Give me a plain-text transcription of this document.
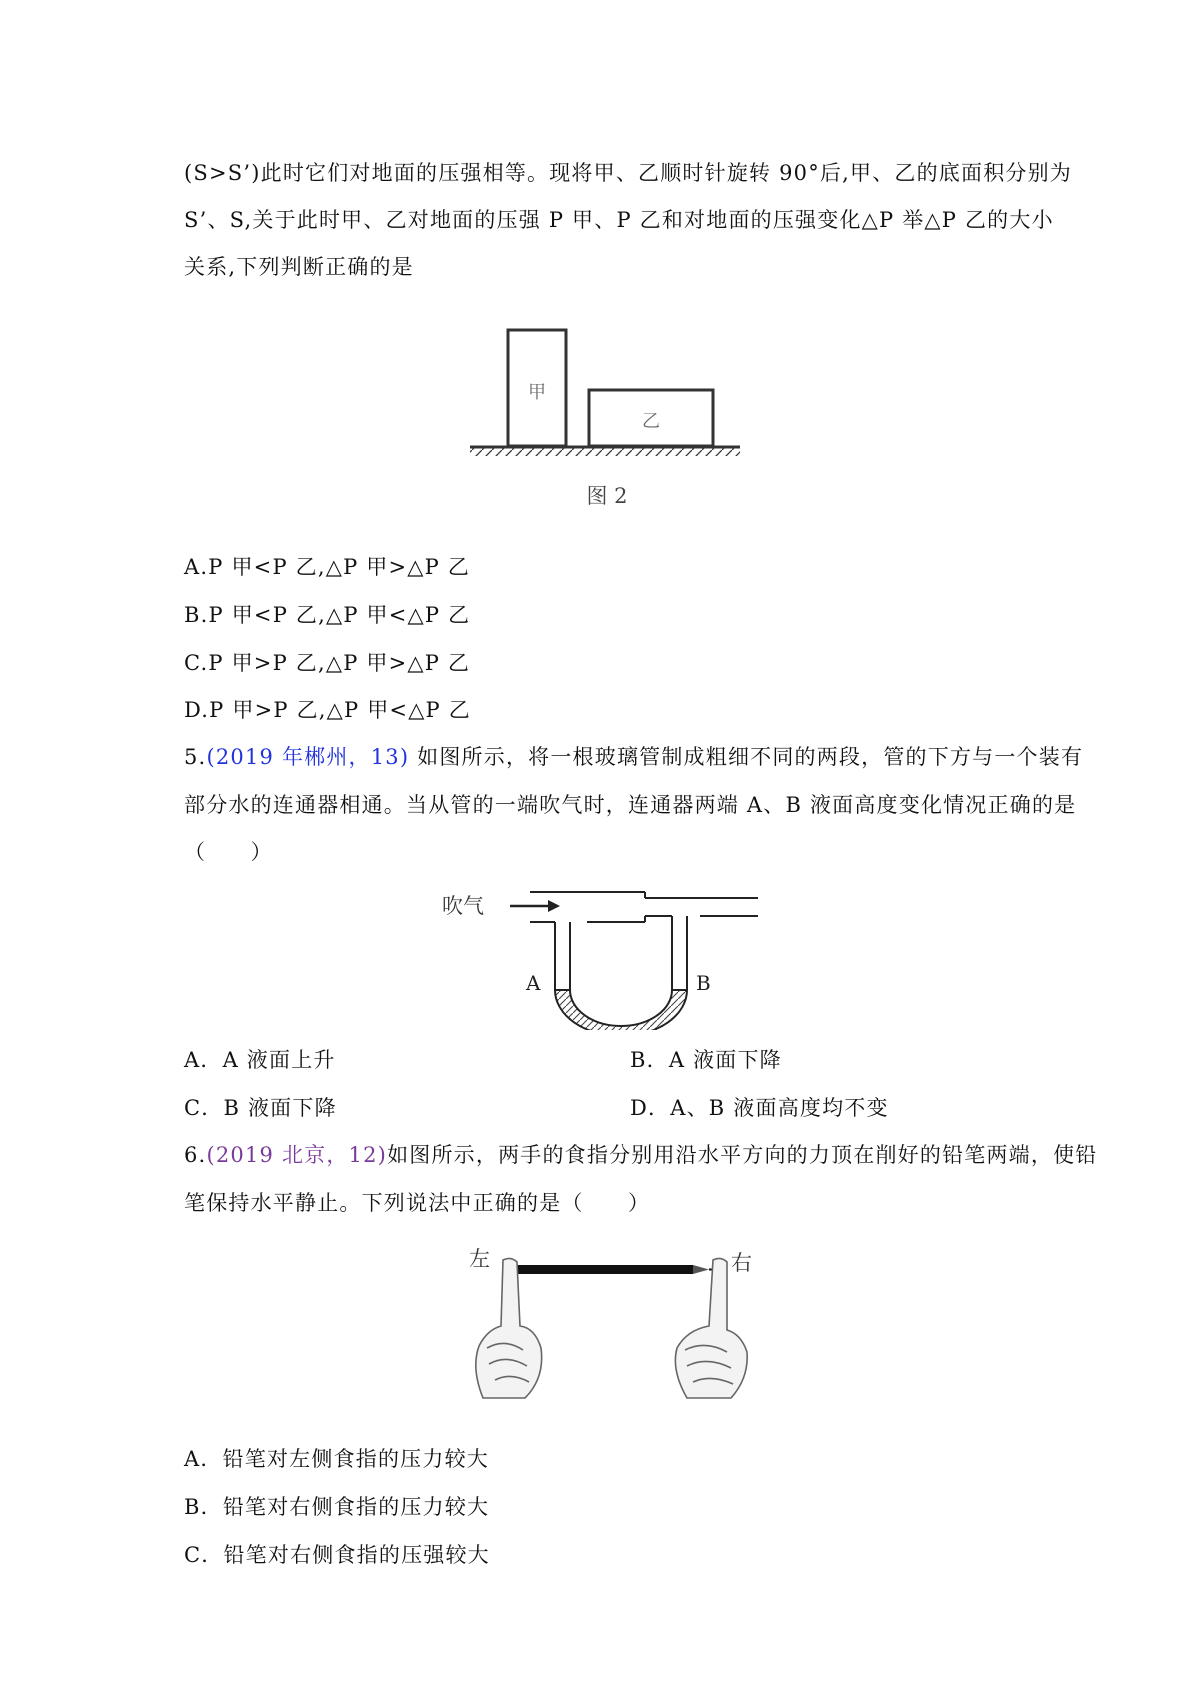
(S>S’)此时它们对地面的压强相等。现将甲、乙顺时针旋转 90°后,甲、乙的底面积分别为
S’、S,关于此时甲、乙对地面的压强 P 甲、P 乙和对地面的压强变化△P 举△P 乙的大小
关系,下列判断正确的是
甲
乙
图 2
A.P 甲<P 乙,△P 甲>△P 乙
B.P 甲<P 乙,△P 甲<△P 乙
C.P 甲>P 乙,△P 甲>△P 乙
D.P 甲>P 乙,△P 甲<△P 乙
5.(2019 年郴州，13) 如图所示，将一根玻璃管制成粗细不同的两段，管的下方与一个装有
部分水的连通器相通。当从管的一端吹气时，连通器两端 A、B 液面高度变化情况正确的是
（　　）
吹气
A	B
A．A 液面上升	B．A 液面下降
C．B 液面下降	D．A、B 液面高度均不变
6.(2019 北京，12)如图所示，两手的食指分别用沿水平方向的力顶在削好的铅笔两端，使铅
笔保持水平静止。下列说法中正确的是（　　）
左	右
A．铅笔对左侧食指的压力较大
B．铅笔对右侧食指的压力较大
C．铅笔对右侧食指的压强较大
